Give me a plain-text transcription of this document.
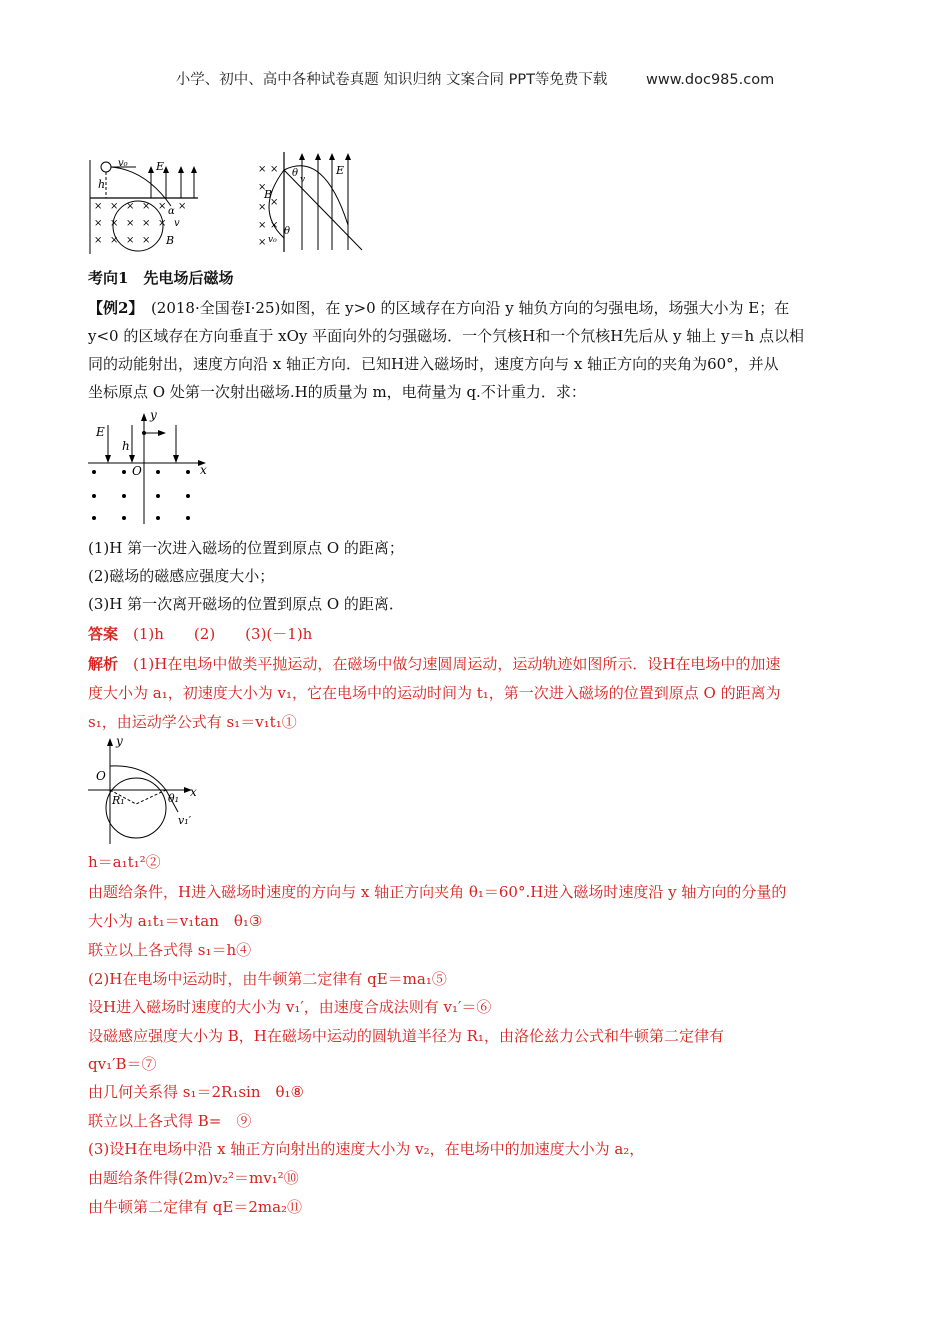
小学、初中、高中各种试卷真题 知识归纳 文案合同 PPT等免费下载	www.doc985.com
× × × × × ×
× × × × ×
× × × ×
v₀	E
h
α
v
B
× ×
×
×
×
× ×
×
B
E
θ
v
v₀
θ
考向1　先电场后磁场
【例2】　(2018·全国卷Ⅰ·25)如图，在 y>0 的区域存在方向沿 y 轴负方向的匀强电场，场强大小为 E；在
y<0 的区域存在方向垂直于 xOy 平面向外的匀强磁场．一个氕核H和一个氘核H先后从 y 轴上 y＝h 点以相
同的动能射出，速度方向沿 x 轴正方向．已知H进入磁场时，速度方向与 x 轴正方向的夹角为60°，并从
坐标原点 O 处第一次射出磁场.H的质量为 m，电荷量为 q.不计重力．求：
E
h
y
x
O
(1)H 第一次进入磁场的位置到原点 O 的距离；
(2)磁场的磁感应强度大小；
(3)H 第一次离开磁场的位置到原点 O 的距离．
答案　(1)h　　(2)　　(3)(－1)h
解析　(1)H在电场中做类平抛运动，在磁场中做匀速圆周运动，运动轨迹如图所示．设H在电场中的加速
度大小为 a₁，初速度大小为 v₁，它在电场中的运动时间为 t₁，第一次进入磁场的位置到原点 O 的距离为
s₁，由运动学公式有 s₁＝v₁t₁①
y
O
x
R₁	θ₁
v₁′
h＝a₁t₁²②
由题给条件，H进入磁场时速度的方向与 x 轴正方向夹角 θ₁＝60°.H进入磁场时速度沿 y 轴方向的分量的
大小为 a₁t₁＝v₁tan　θ₁③
联立以上各式得 s₁＝h④
(2)H在电场中运动时，由牛顿第二定律有 qE＝ma₁⑤
设H进入磁场时速度的大小为 v₁′，由速度合成法则有 v₁′＝⑥
设磁感应强度大小为 B，H在磁场中运动的圆轨道半径为 R₁，由洛伦兹力公式和牛顿第二定律有
qv₁′B＝⑦
由几何关系得 s₁＝2R₁sin　θ₁⑧
联立以上各式得 B=　⑨
(3)设H在电场中沿 x 轴正方向射出的速度大小为 v₂，在电场中的加速度大小为 a₂，
由题给条件得(2m)v₂²＝mv₁²⑩
由牛顿第二定律有 qE＝2ma₂⑪
